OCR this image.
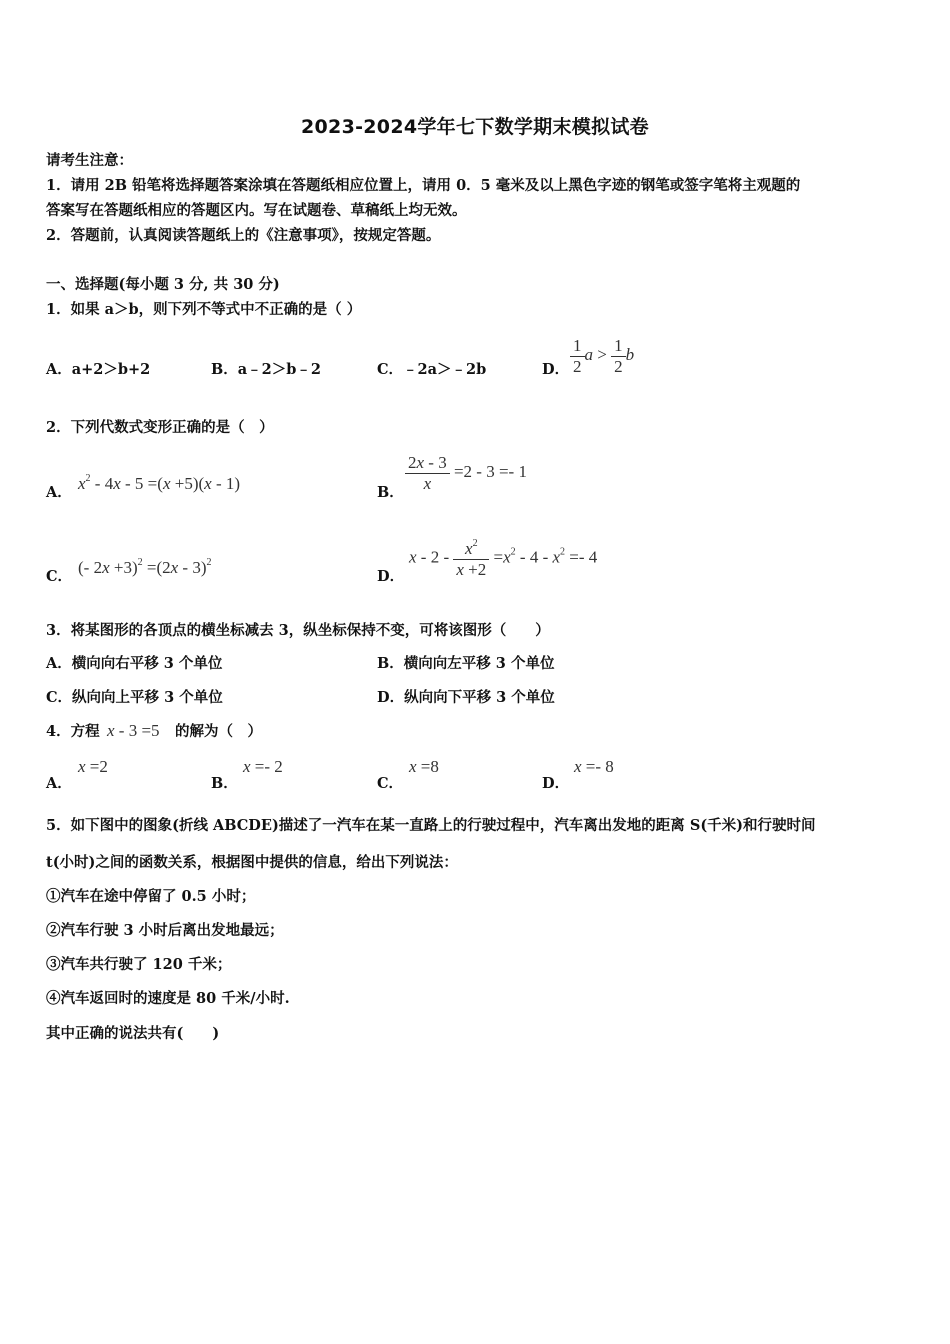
2023-2024学年七下数学期末模拟试卷
请考生注意：
1．请用 2B 铅笔将选择题答案涂填在答题纸相应位置上，请用 0．5 毫米及以上黑色字迹的钢笔或签字笔将主观题的
答案写在答题纸相应的答题区内。写在试题卷、草稿纸上均无效。
2．答题前，认真阅读答题纸上的《注意事项》，按规定答题。
一、选择题(每小题 3 分, 共 30 分)
1．如果 a＞b，则下列不等式中不正确的是（ ）
A．a+2＞b+2	B．a﹣2＞b﹣2	C．﹣2a＞﹣2b	D． $\frac{1}{2}$ $a > \frac{1}{2}$ b
2．下列代数式变形正确的是（　）
A． $x^2 - 4x - 5 =(x +5)(x - 1)$	B． $\frac{2x - 3}{x} =2 - 3 =- 1$
C． (- 2x +3)$^2$ =(2x - 3)$^2$
D．
$x - 2 - \frac{x^2}{x +2} =x^2 - 4 - x^2 =- 4$
3．将某图形的各顶点的横坐标减去 3，纵坐标保持不变，可将该图形（　　）
A．横向向右平移 3 个单位	B．横向向左平移 3 个单位
C．纵向向上平移 3 个单位	D．纵向向下平移 3 个单位
4．方程 x - 3 =5 的解为（　）
A．
x =2
B．
x =- 2
C．
x =8
D．
x =- 8
5．如下图中的图象(折线 ABCDE)描述了一汽车在某一直路上的行驶过程中，汽车离出发地的距离 S(千米)和行驶时间
t(小时)之间的函数关系，根据图中提供的信息，给出下列说法：
①汽车在途中停留了 0.5 小时；
②汽车行驶 3 小时后离出发地最远；
③汽车共行驶了 120 千米；
④汽车返回时的速度是 80 千米/小时.
其中正确的说法共有(　　)
